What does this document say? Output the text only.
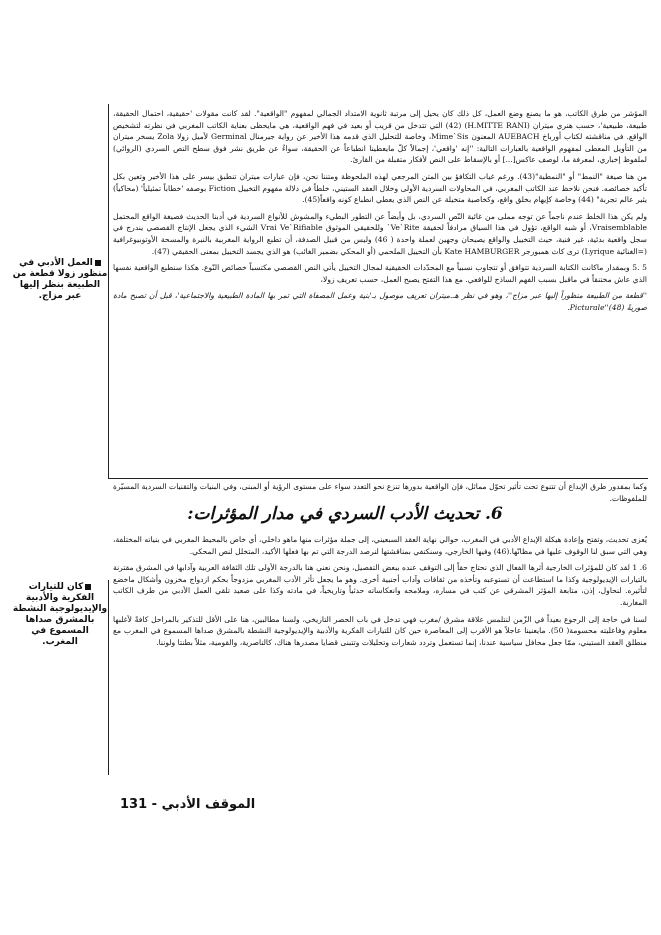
العمل الأدبي في منظور زولا قطعة من الطبيعة بنظر إليها عبر مزاج.
كان للتيارات الفكرية والأدبية والإيديولوجية النشطة بالمشرق صداها المسموع في المغرب.

المؤشر من طرق الكاتب، هو ما يصنع وضع العمل، كل ذلك كان يحيل إلى مرتبة ثانوية الامتداد الجمالي لمفهوم "الواقعية". لقد كانت مقولات 'حقيقية، احتمال الحقيقة، طبيعة، طبيعية'، حسب هنري ميتران (H.MITTE RANI) (42) التي تتدخل من قريب أو بعيد في فهم الواقعية، هي مايحظى بعناية الكاتب المغربي في نظرته لتشخيص الواقع. في مناقشته لكتاب أورباخ AUEBACH المعنون Mime`Sis، وخاصة للتحليل الذي قدمه هذا الأخير عن رواية جيرمنال Germinal لأميل زولا Zola يسخر ميتران من التأويل المعطى لمفهوم الواقعية بالعبارات التالية: ''إنه 'واقعي'، إجمالاً كلّ مايعطينا انطباعاً عن الحقيقة، سواءٌ عن طريق نشر فوق سطح النص السردي (الروائي) لملفوظ إخباري، لمعرفة ما، لوصف عاكس[...] أو بالإسقاط على النص لأفكار متقبلة من القارئ.

من هنا صيغة "النمط" أو "النمطية"(43). ورغم غياب التكافؤ بين المتن المرجعي لهذه الملحوظة ومتننا نحن، فإن عبارات ميتران تنطبق بيسر على هذا الأخير وتعين بكل تأكيد خصائصه. فنحن نلاحظ عند الكاتب المغربي، في المحاولات السردية الأولى وخلال العقد الستيني، خلطاً في دلالة مفهوم التخييل Fiction بوصفه 'خطاباً تمثيلياً' (محاكياً) يثير عالم تجربة" (44) وخاصة كإيهام بخلق واقع، وكخاصية متخيلة عن النص الذي يعطي انطباع كونه واقعاً(45).

ولم يكن هذا الخلط عندم ناجماً عن توجه مملى من غائية النّص السردي، بل وأيضاً عن التطور البطيء والمشوش للأنواع السردية في أدبنا الحديث فصيغة الواقع المحتمل Vraisemblable، أو شبه الواقع، تؤول في هذا السياق مرادفاً لحقيقة Ve`Rite` وللحقيقي الموثوق Vrai Ve`Rifiable الشيء الذي يجعل الإنتاج القصصي يندرج في سجل واقعية بدئية، غير فنية، حيث التخييل والواقع يصبحان وجهين لعملة واحدة ( 46) وليس من قبيل الصدفة، أن تطبع الرواية المغربية بالنبرة والمسحة الأوتوبيوغرافية (=الغنائية Lyrique) ترى كاث همبورجر Kate HAMBURGER بأن التخييل الملحمي (أو المحكي بضمير الغائب) هو الذي يجسد التخييل بمعنى الحقيقي (47).

5 .5 وبمقدار ماكانت الكتابة السردية تتوافق أو تتجاوب نسبياً مع المحدّدات الحقيقية لمجال التخييل يأتي النص القصصي مكتسباً خصائص النّوع. هكذا سنطبع الواقعية نفسها الذي عاش مختنقاً في ماقبل بسبب الفهم الساذج للواقعي. مع هذا التفتح يصبح العمل، حسب تعريف زولا،

''قطعة من الطبيعة منظوراً إليها عبر مزاج''، وهو في نظر هـ.ميتران تعريف موصول بـ'بنية وعمل المصفاة التي تمر بها المادة الطبيعية والاجتماعية'، قبل أن تصبح مادة صوريةً Picturale''(48).

وكما بمقدور طرق الإبداع أن تتنوع تحت تأثير تحوّل مماثل، فإن الواقعية بدورها تنزع نحو التعدد سواء على مستوى الرؤية أو المبنى، وفي البنيات والتقنيات السردية المسيّرة للملفوظات.

6. تحديث الأدب السردي في مدار المؤثرات:

يُعزى تحديث، وتفتح وإعادة هيكلة الإبداع الأدبي في المغرب، حوالي نهاية العقد السبعيني، إلى جملة مؤثرات منها ماهو داخلي، أي خاص بالمحيط المغربي في بنياته المختلفة، وهي التي سبق لنا الوقوف عليها في مظانّها.(46) وفيها الخارجي، وسنكتفي بمناقشتها لنرصد الدرجة التي تم بها فعلها الأكيد، المتخلل لنص المحكي.

6. 1 لقد كان للمؤثرات الخارجية أثرها الفعال الذي نحتاج حقاً إلى التوقف عنده ببعض التفصيل، ونحن نعني هنا بالدرجة الأولى تلك الثقافة العربية وآدابها في المشرق مقترنة بالتيارات الإيديولوجية وكذا ما استطاعت أن تستوعبه وتأخذه من ثقافات وآداب أجنبية أخرى. وهو ما يجعل تأثر الأدب المغربي مزدوجاً بحكم ازدواج مخزون وأشكال ماخضع لتأثيره. لنحاول، إذن، متابعة المؤثر المشرقي عن كثب في مساره، وملامحه وانعكاساته حدثياً وتاريخياً، في مادته وكذا على صعيد تلقي العمل الأدبي من طرف الكاتب المغاربة.

لسنا في حاجة إلى الرجوع بعيداً في الزّمن لنتلمس علاقة مشرق /مغرب فهي تدخل في باب الحصر التاريخي، ولسنا مطالبين، هنا على الأقل للتذكير بالمراحل كافةً لأغلبها معلوم وفاعليته محسومة( 50). مايعنينا عاجلاً هو الأقرب إلى المعاصرة حين كان للتيارات الفكرية والأدبية والإيديولوجية النشطة بالمشرق صداها المسموع في المغرب مع منطلق العقد الستيني، ممّا جعل محافل سياسية عندنا، إنما تستعمل وتردد شعارات وتحليلات وتتبنى قضايا مصدرها هناك، كالناصرية، والقومية، مثلاً بطنتا ولوننا.

الموقف الأدبي - 131
